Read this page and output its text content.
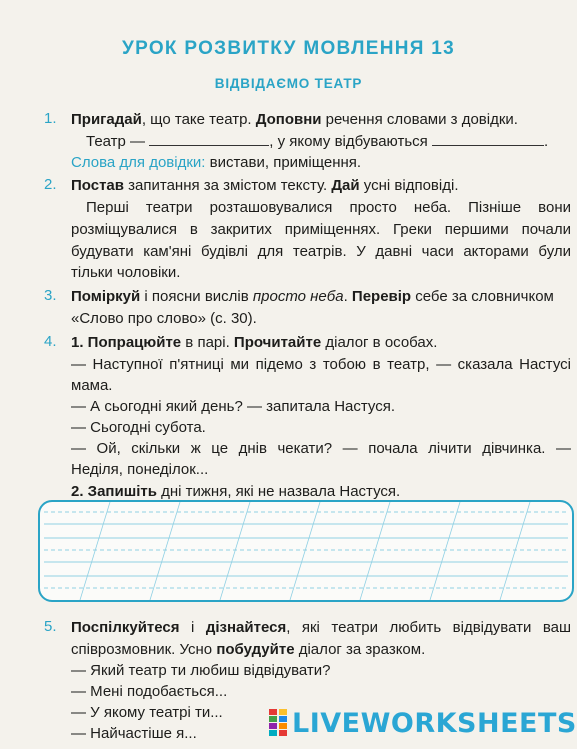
УРОК РОЗВИТКУ МОВЛЕННЯ 13
ВІДВІДАЄМО ТЕАТР
1. Пригадай, що таке театр. Доповни речення словами з довідки.
Театр —	, у якому відбуваються	.
Слова для довідки: вистави, приміщення.
2. Постав запитання за змістом тексту. Дай усні відповіді.
Перші театри розташовувалися просто неба. Пізніше вони
розміщувалися в закритих приміщеннях. Греки першими почали
будувати кам'яні будівлі для театрів. У давні часи акторами були
тільки чоловіки.
3. Поміркуй і поясни вислів просто неба. Перевір себе за словничком
«Слово про слово» (с. 30).
4. 1. Попрацюйте в парі. Прочитайте діалог в особах.
— Наступної п'ятниці ми підемо з тобою в театр, — сказала Настусі
мама.
— А сьогодні який день? — запитала Настуся.
— Сьогодні субота.
— Ой, скільки ж це днів чекати? — почала лічити дівчинка. —
Неділя, понеділок...
2. Запишіть дні тижня, які не назвала Настуся.
5. Поспілкуйтеся і дізнайтеся, які театри любить відвідувати ваш
співрозмовник. Усно побудуйте діалог за зразком.
— Який театр ти любиш відвідувати?
— Мені подобається...
— У якому театрі ти...
— Найчастіше я...	LIVEWORKSHEETS
